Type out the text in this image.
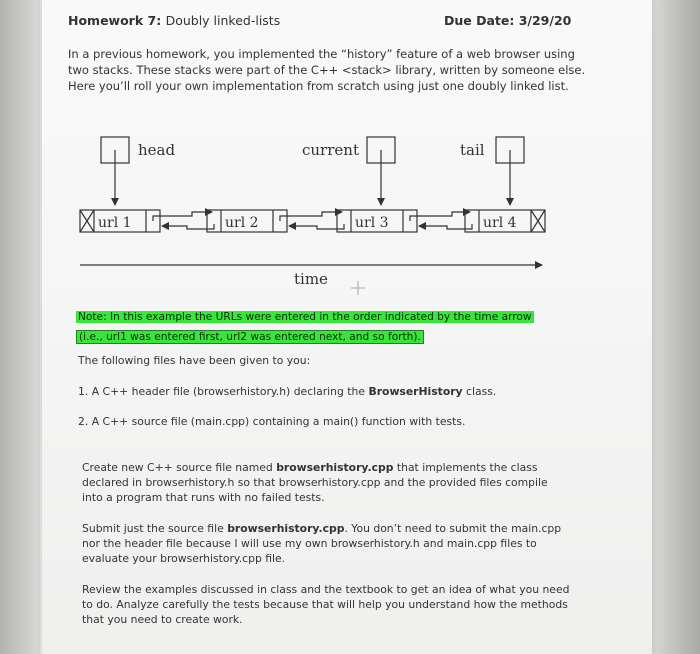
Homework 7: Doubly linked-lists	Due Date: 3/29/20
In a previous homework, you implemented the “history” feature of a web browser using
two stacks. These stacks were part of the C++ <stack> library, written by someone else.
Here you’ll roll your own implementation from scratch using just one doubly linked list.
head	current	tail
url 1	url 2	url 3	url 4
time
Note: In this example the URLs were entered in the order indicated by the time arrow
(i.e., url1 was entered first, url2 was entered next, and so forth).
The following files have been given to you:
1. A C++ header file (browserhistory.h) declaring the BrowserHistory class.
2. A C++ source file (main.cpp) containing a main() function with tests.
Create new C++ source file named browserhistory.cpp that implements the class
declared in browserhistory.h so that browserhistory.cpp and the provided files compile
into a program that runs with no failed tests.
Submit just the source file browserhistory.cpp. You don’t need to submit the main.cpp
nor the header file because I will use my own browserhistory.h and main.cpp files to
evaluate your browserhistory.cpp file.
Review the examples discussed in class and the textbook to get an idea of what you need
to do. Analyze carefully the tests because that will help you understand how the methods
that you need to create work.
